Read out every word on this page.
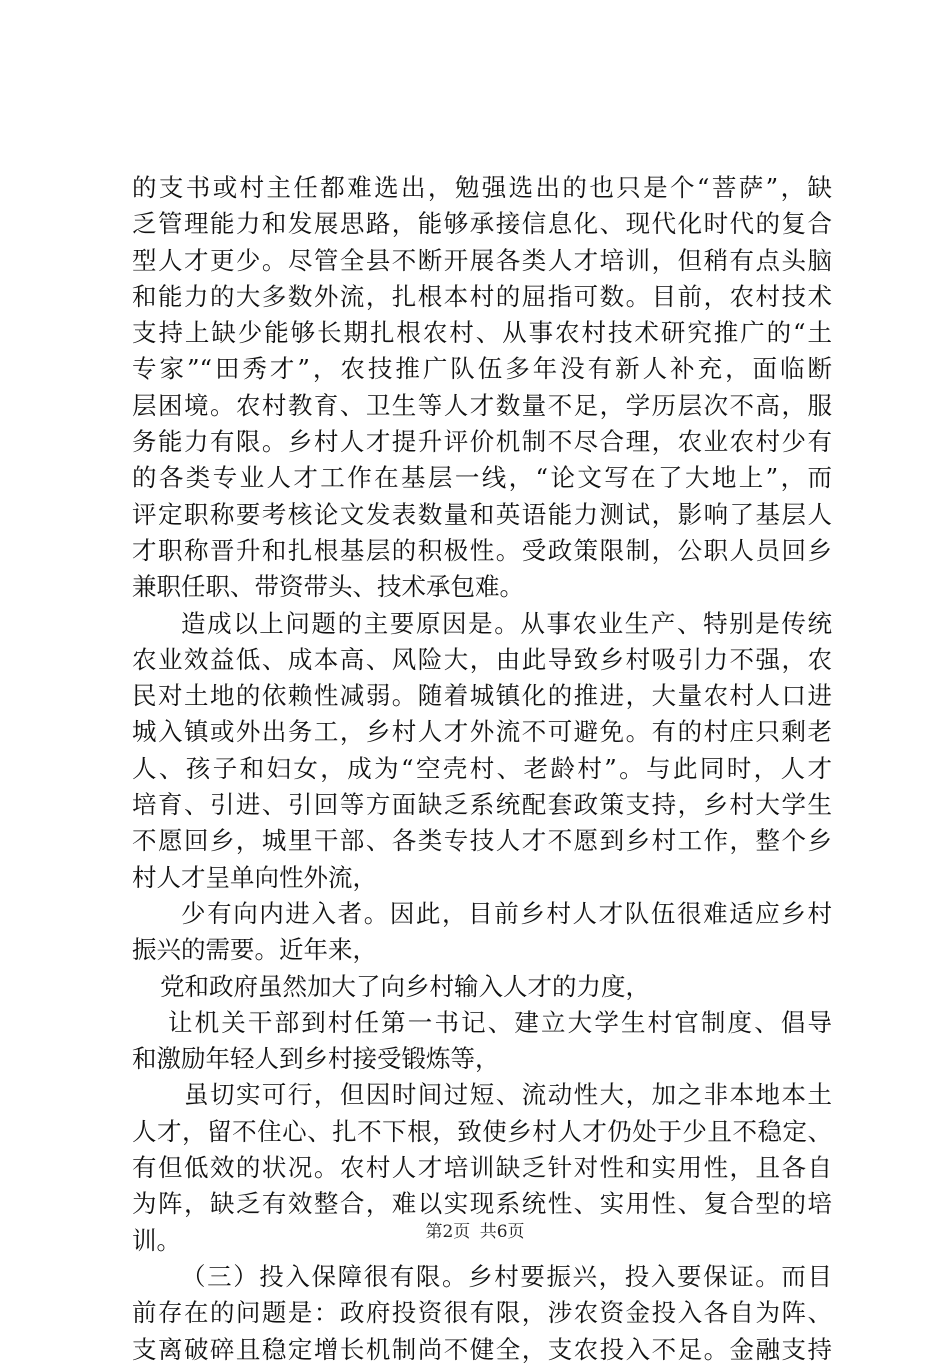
的支书或村主任都难选出，勉强选出的也只是个“菩萨”，缺
乏管理能力和发展思路，能够承接信息化、现代化时代的复合
型人才更少。尽管全县不断开展各类人才培训，但稍有点头脑
和能力的大多数外流，扎根本村的屈指可数。目前，农村技术
支持上缺少能够长期扎根农村、从事农村技术研究推广的“土
专家”“田秀才”，农技推广队伍多年没有新人补充，面临断
层困境。农村教育、卫生等人才数量不足，学历层次不高，服
务能力有限。乡村人才提升评价机制不尽合理，农业农村少有
的各类专业人才工作在基层一线，“论文写在了大地上”，而
评定职称要考核论文发表数量和英语能力测试，影响了基层人
才职称晋升和扎根基层的积极性。受政策限制，公职人员回乡
兼职任职、带资带头、技术承包难。
造成以上问题的主要原因是。从事农业生产、特别是传统
农业效益低、成本高、风险大，由此导致乡村吸引力不强，农
民对土地的依赖性减弱。随着城镇化的推进，大量农村人口进
城入镇或外出务工，乡村人才外流不可避免。有的村庄只剩老
人、孩子和妇女，成为“空壳村、老龄村”。与此同时，人才
培育、引进、引回等方面缺乏系统配套政策支持，乡村大学生
不愿回乡，城里干部、各类专技人才不愿到乡村工作，整个乡
村人才呈单向性外流，
少有向内进入者。因此，目前乡村人才队伍很难适应乡村
振兴的需要。近年来，
党和政府虽然加大了向乡村输入人才的力度，
让机关干部到村任第一书记、建立大学生村官制度、倡导
和激励年轻人到乡村接受锻炼等，
虽切实可行，但因时间过短、流动性大，加之非本地本土
人才，留不住心、扎不下根，致使乡村人才仍处于少且不稳定、
有但低效的状况。农村人才培训缺乏针对性和实用性，且各自
为阵，缺乏有效整合，难以实现系统性、实用性、复合型的培
训。
（三）投入保障很有限。乡村要振兴，投入要保证。而目
前存在的问题是：政府投资很有限，涉农资金投入各自为阵、
支离破碎且稳定增长机制尚不健全，支农投入不足。金融支持
第2页 共6页
